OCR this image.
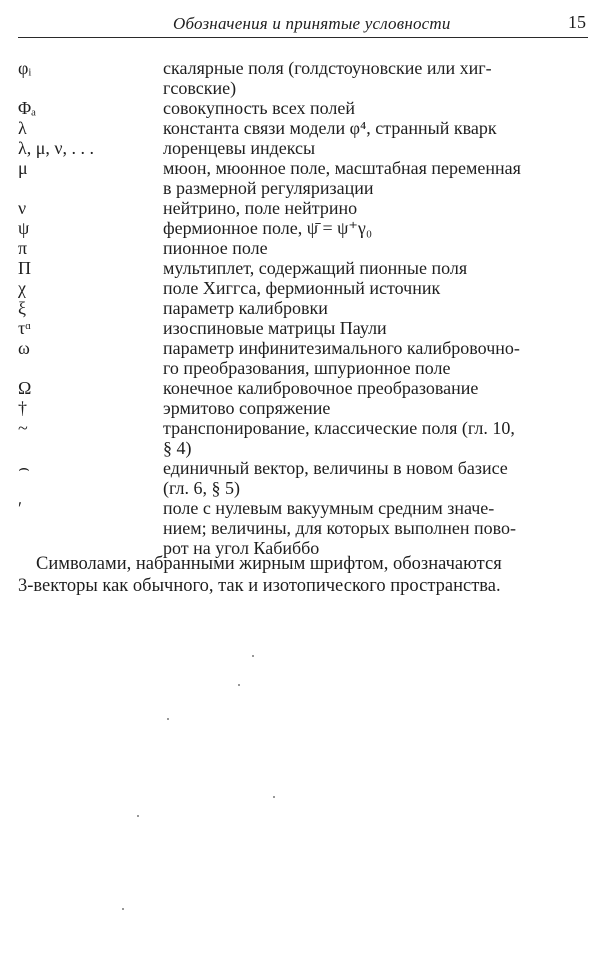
Обозначения и принятые условности	15
φᵢ	скалярные поля (голдстоуновские или хиг-
гсовские)
Φₐ	совокупность всех полей
λ	константа связи модели φ⁴, странный кварк
λ, μ, ν, . . .	лоренцевы индексы
μ	мюон, мюонное поле, масштабная переменная
в размерной регуляризации
ν	нейтрино, поле нейтрино
ψ	фермионное поле, ψ̄ = ψ⁺γ₀
π	пионное поле
Π	мультиплет, содержащий пионные поля
χ	поле Хиггса, фермионный источник
ξ	параметр калибровки
τᵅ	изоспиновые матрицы Паули
ω	параметр инфинитезимального калибровочно-
го преобразования, шпурионное поле
Ω	конечное калибровочное преобразование
†	эрмитово сопряжение
~	транспонирование, классические поля (гл. 10,
§ 4)
⌢	единичный вектор, величины в новом базисе
(гл. 6, § 5)
ʹ	поле с нулевым вакуумным средним значе-
нием; величины, для которых выполнен пово-
рот на угол Кабиббо
Символами, набранными жирным шрифтом, обозначаются
3-векторы как обычного, так и изотопического пространства.
